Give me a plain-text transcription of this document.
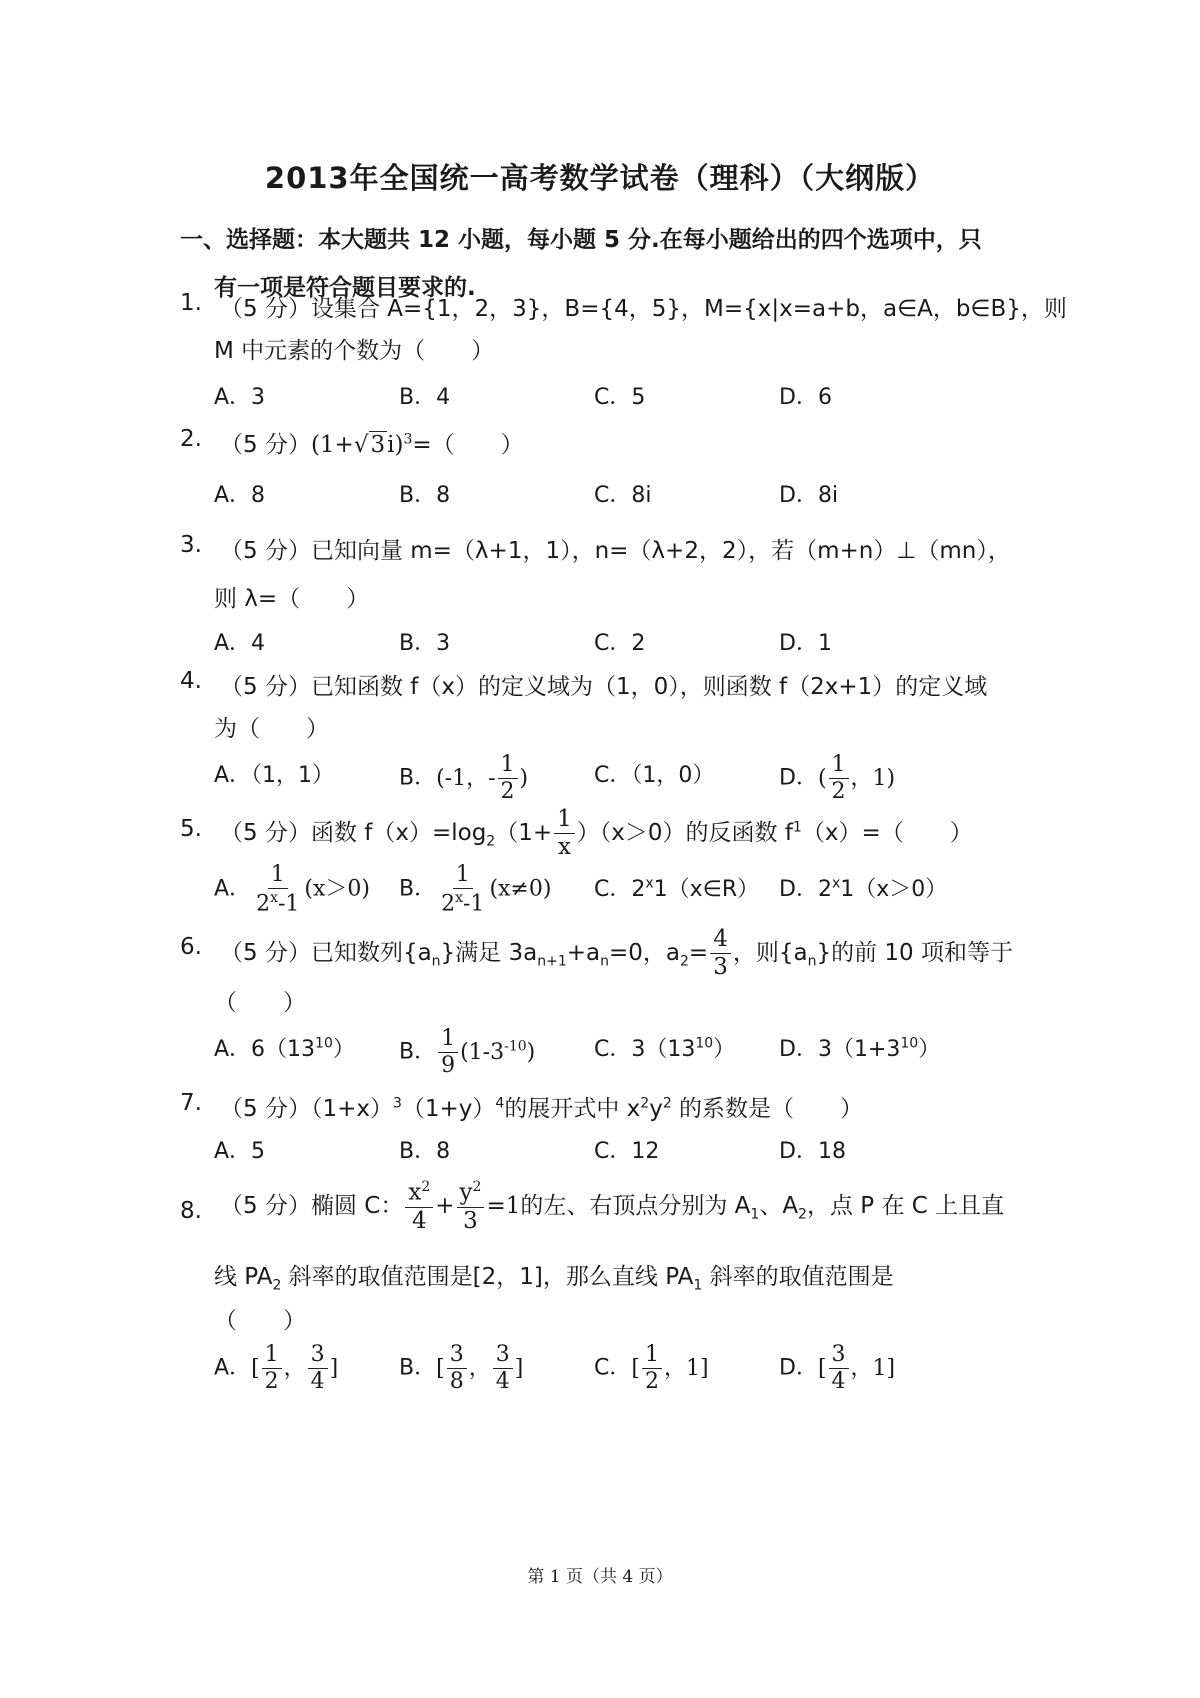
2013年全国统一高考数学试卷（理科）（大纲版）
一、选择题：本大题共 12 小题，每小题 5 分.在每小题给出的四个选项中，只
有一项是符合题目要求的.
1. （5 分）设集合 A={1，2，3}，B={4，5}，M={x|x=a+b，a∈A，b∈B}，则
M 中元素的个数为（　　）
A．3	B．4	C．5	D．6
2. （5 分）$(1+√3i)^3=$（　　）
A．8	B．8	C．8i	D．8i
3. （5 分）已知向量 m=（λ+1，1），n=（λ+2，2），若（m+n）⊥（mn），
则 λ=（　　）
A．4	B．3	C．2	D．1
4. （5 分）已知函数 f（x）的定义域为（1，0），则函数 f（2x+1）的定义域
为（　　）
A．（1，1）	B．(-1，- $\frac{1}{2}$ )	C．（1，0）	D．( $\frac{1}{2}$ ，1)
5. （5 分）函数 $f(x)=\log_2(1+ \frac{1}{x} )(x>0)$的反函数 $f^1(x)=$（　　）
A． $\frac{1}{2^x-1} (x>0)$ B． $\frac{1}{2^x-1} (x\ne 0)$ C．2$^x$1（x∈R） D．$2^x1(x>0)$
6. （5 分）已知数列$\{a_n\}$满足 $3a_{n+1}+a_n=0$，$a_2= \frac{4}{3}$ ，则$\{a_n\}$的前 10 项和等于
（　　）
A．$6(13^{10})$ B． $\frac{1}{9} (1-3^{-10})$	C．$3(13^{10})$ D．$3(1+3^{10})$
7. （5 分）$(1+x)^3(1+y)^4$的展开式中 $x^2y^2$ 的系数是（　　）
A．5	B．8	C．12	D．18
8. （5 分）椭圆 C： $\frac{x^2}{4} + \frac{y^2}{3} =1$的左、右顶点分别为 $A_1$、$A_2$，点 P 在 C 上且直
线 $PA_2$ 斜率的取值范围是[2，1]，那么直线 $PA_1$ 斜率的取值范围是
（　　）
A．[ $\frac{1}{2}$ ， $\frac{3}{4}$ ]	B．[ $\frac{3}{8}$ ， $\frac{3}{4}$ ]	C．[ $\frac{1}{2}$ ，1]	D．[ $\frac{3}{4}$ ，1]
第 1 页（共 4 页）
